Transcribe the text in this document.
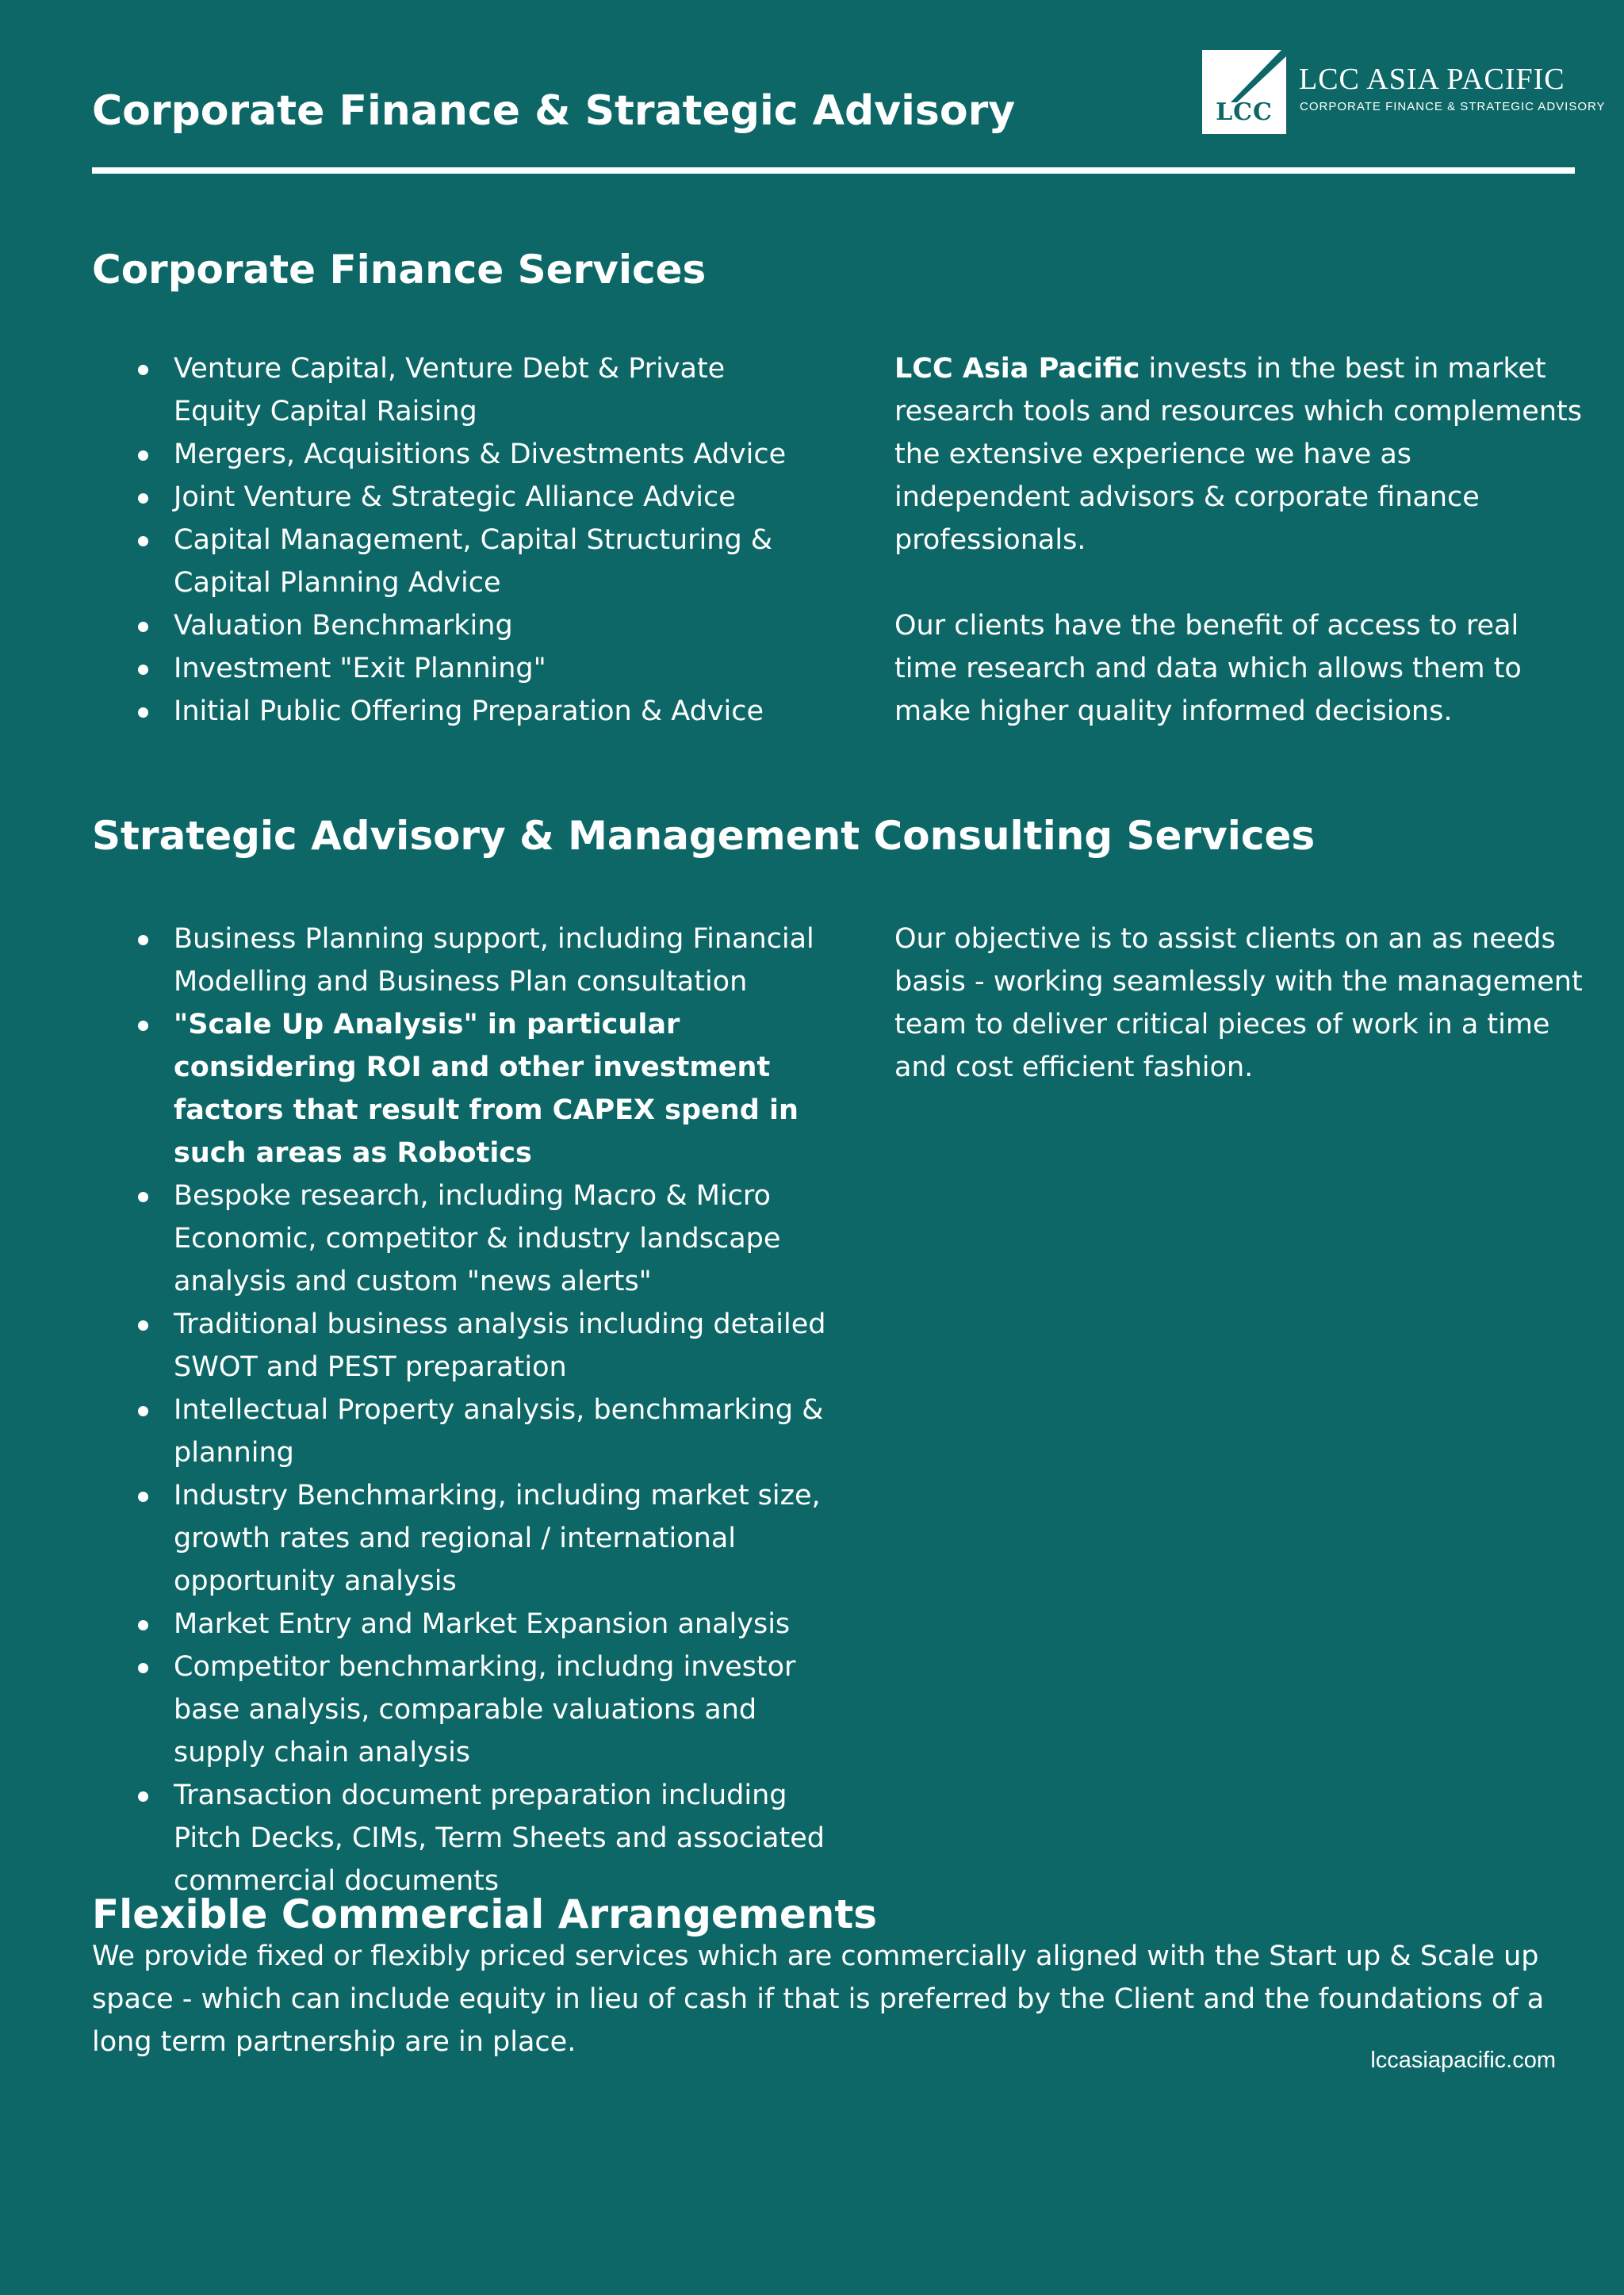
Corporate Finance & Strategic Advisory	LCC
LCC ASIA PACIFIC
CORPORATE FINANCE & STRATEGIC ADVISORY
Corporate Finance Services
Venture Capital, Venture Debt & Private Equity Capital Raising
Mergers, Acquisitions & Divestments Advice
Joint Venture & Strategic Alliance Advice
Capital Management, Capital Structuring & Capital Planning Advice
Valuation Benchmarking
Investment "Exit Planning"
Initial Public Offering Preparation & Advice

LCC Asia Pacific invests in the best in market research tools and resources which complements the extensive experience we have as independent advisors & corporate finance professionals.

Our clients have the benefit of access to real time research and data which allows them to make higher quality informed decisions.

Strategic Advisory & Management Consulting Services
Business Planning support, including Financial Modelling and Business Plan consultation
"Scale Up Analysis" in particular considering ROI and other investment factors that result from CAPEX spend in such areas as Robotics
Bespoke research, including Macro & Micro Economic, competitor & industry landscape analysis and custom "news alerts"
Traditional business analysis including detailed SWOT and PEST preparation
Intellectual Property analysis, benchmarking & planning
Industry Benchmarking, including market size, growth rates and regional / international opportunity analysis
Market Entry and Market Expansion analysis
Competitor benchmarking, includng investor base analysis, comparable valuations and supply chain analysis
Transaction document preparation including Pitch Decks, CIMs, Term Sheets and associated commercial documents

Our objective is to assist clients on an as needs basis - working seamlessly with the management team to deliver critical pieces of work in a time and cost efficient fashion.

Flexible Commercial Arrangements

We provide fixed or flexibly priced services which are commercially aligned with the Start up & Scale up space - which can include equity in lieu of cash if that is preferred by the Client and the foundations of a long term partnership are in place.

lccasiapacific.com
